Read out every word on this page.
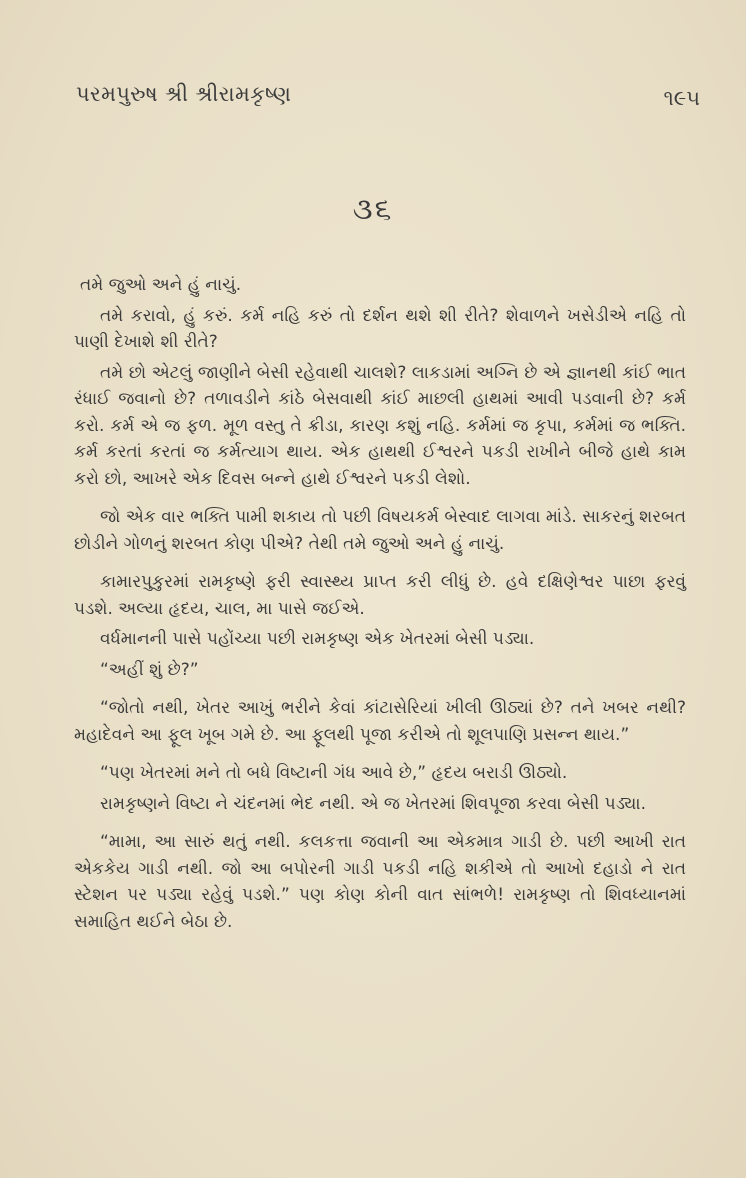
પરમપુરુષ શ્રી શ્રીરામકૃષ્ણ	૧૯૫
૩૬

તમે જુઓ અને હું નાચું.

તમે કરાવો, હું કરું. કર્મ નહિ કરું તો દર્શન થશે શી રીતે? શેવાળને ખસેડીએ નહિ તો પાણી દેખાશે શી રીતે?

તમે છો એટલું જાણીને બેસી રહેવાથી ચાલશે? લાકડામાં અગ્નિ છે એ જ્ઞાનથી કાંઈ ભાત રંધાઈ જવાનો છે? તળાવડીને કાંઠે બેસવાથી કાંઈ માછલી હાથમાં આવી પડવાની છે? કર્મ કરો. કર્મ એ જ ફળ. મૂળ વસ્તુ તે ક્રીડા, કારણ કશું નહિ. કર્મમાં જ કૃપા, કર્મમાં જ ભક્તિ. કર્મ કરતાં કરતાં જ કર્મત્યાગ થાય. એક હાથથી ઈશ્વરને પકડી રાખીને બીજે હાથે કામ કરો છો, આખરે એક દિવસ બન્ને હાથે ઈશ્વરને પકડી લેશો.

જો એક વાર ભક્તિ પામી શકાય તો પછી વિષયકર્મ બેસ્વાદ લાગવા માંડે. સાકરનું શરબત છોડીને ગોળનું શરબત કોણ પીએ? તેથી તમે જુઓ અને હું નાચું.

કામારપુકુરમાં રામકૃષ્ણે ફરી સ્વાસ્થ્ય પ્રાપ્ત કરી લીધું છે. હવે દક્ષિણેશ્વર પાછા ફરવું પડશે. અલ્યા હૃદય, ચાલ, મા પાસે જઈએ.

વર્ધમાનની પાસે પહોંચ્યા પછી રામકૃષ્ણ એક ખેતરમાં બેસી પડ્યા.

“અહીં શું છે?”

“જોતો નથી, ખેતર આખું ભરીને કેવાં કાંટાસેરિયાં ખીલી ઊઠ્યાં છે? તને ખબર નથી? મહાદેવને આ ફૂલ ખૂબ ગમે છે. આ ફૂલથી પૂજા કરીએ તો શૂલપાણિ પ્રસન્ન થાય.”

“પણ ખેતરમાં મને તો બધે વિષ્ટાની ગંધ આવે છે,” હૃદય બરાડી ઊઠ્યો.

રામકૃષ્ણને વિષ્ટા ને ચંદનમાં ભેદ નથી. એ જ ખેતરમાં શિવપૂજા કરવા બેસી પડ્યા.

“મામા, આ સારું થતું નથી. કલકત્તા જવાની આ એકમાત્ર ગાડી છે. પછી આખી રાત એકકેય ગાડી નથી. જો આ બપોરની ગાડી પકડી નહિ શકીએ તો આખો દહાડો ને રાત સ્ટેશન પર પડ્યા રહેવું પડશે.” પણ કોણ કોની વાત સાંભળે! રામકૃષ્ણ તો શિવધ્યાનમાં સમાહિત થઈને બેઠા છે.
